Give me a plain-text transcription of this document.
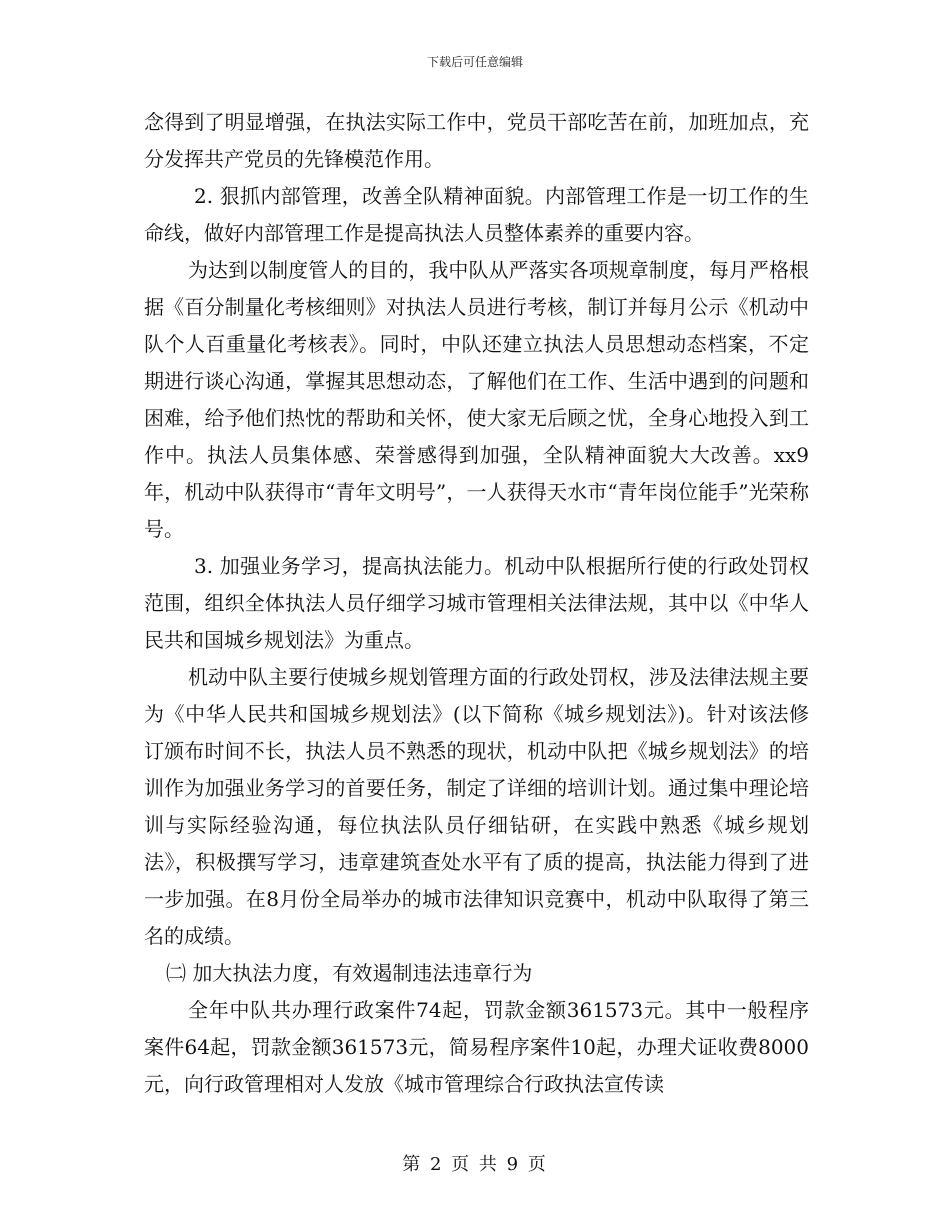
下载后可任意编辑

念得到了明显增强，在执法实际工作中，党员干部吃苦在前，加班加点，充分发挥共产党员的先锋模范作用。

2. 狠抓内部管理，改善全队精神面貌。内部管理工作是一切工作的生命线，做好内部管理工作是提高执法人员整体素养的重要内容。

为达到以制度管人的目的，我中队从严落实各项规章制度，每月严格根据《百分制量化考核细则》对执法人员进行考核，制订并每月公示《机动中队个人百重量化考核表》。同时，中队还建立执法人员思想动态档案，不定期进行谈心沟通，掌握其思想动态，了解他们在工作、生活中遇到的问题和困难，给予他们热忱的帮助和关怀，使大家无后顾之忧，全身心地投入到工作中。执法人员集体感、荣誉感得到加强，全队精神面貌大大改善。xx9年，机动中队获得市“青年文明号”，一人获得天水市“青年岗位能手”光荣称号。

3. 加强业务学习，提高执法能力。机动中队根据所行使的行政处罚权范围，组织全体执法人员仔细学习城市管理相关法律法规，其中以《中华人民共和国城乡规划法》为重点。

机动中队主要行使城乡规划管理方面的行政处罚权，涉及法律法规主要为《中华人民共和国城乡规划法》(以下简称《城乡规划法》)。针对该法修订颁布时间不长，执法人员不熟悉的现状，机动中队把《城乡规划法》的培训作为加强业务学习的首要任务，制定了详细的培训计划。通过集中理论培训与实际经验沟通，每位执法队员仔细钻研，在实践中熟悉《城乡规划法》，积极撰写学习，违章建筑查处水平有了质的提高，执法能力得到了进一步加强。在8月份全局举办的城市法律知识竞赛中，机动中队取得了第三名的成绩。

㈡ 加大执法力度，有效遏制违法违章行为

全年中队共办理行政案件74起，罚款金额361573元。其中一般程序案件64起，罚款金额361573元，简易程序案件10起，办理犬证收费8000元，向行政管理相对人发放《城市管理综合行政执法宣传读

第 2 页 共 9 页
